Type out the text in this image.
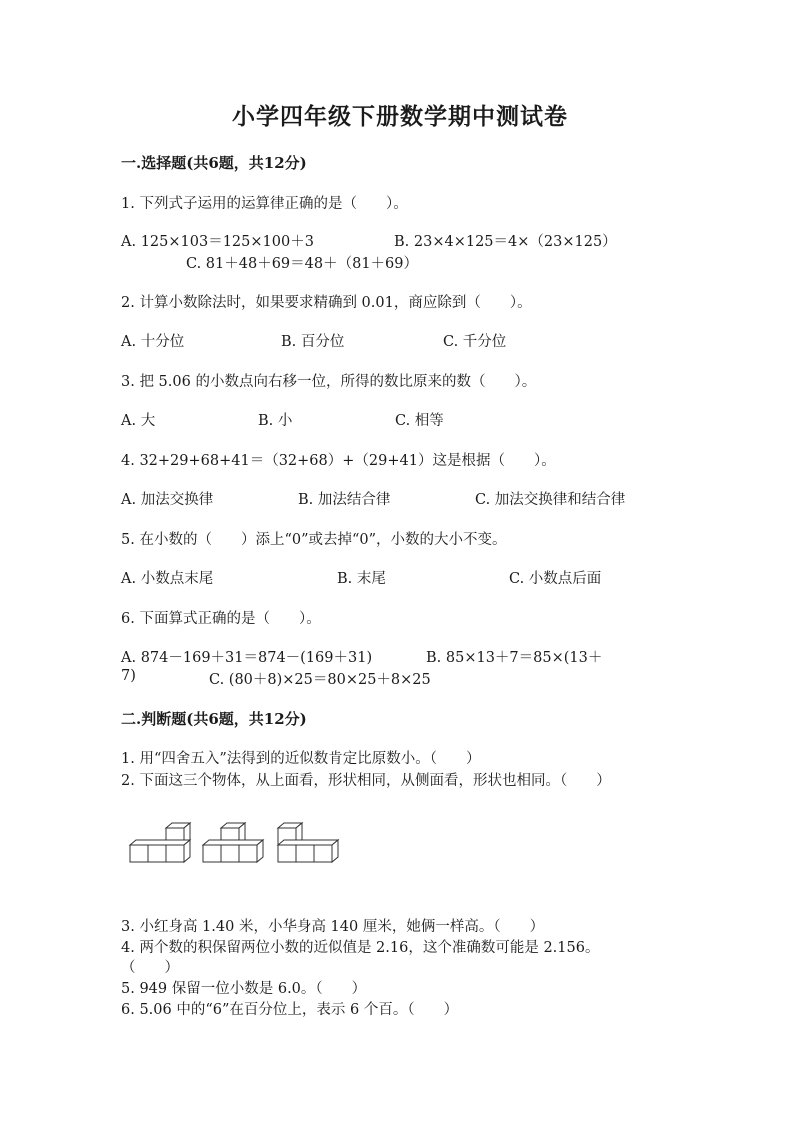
小学四年级下册数学期中测试卷
一.选择题(共6题，共12分)
1. 下列式子运用的运算律正确的是（　　）。
A. 125×103＝125×100＋3	B. 23×4×125＝4×（23×125）
C. 81＋48＋69＝48＋（81＋69）
2. 计算小数除法时，如果要求精确到 0.01，商应除到（　　）。
A. 十分位	B. 百分位	C. 千分位
3. 把 5.06 的小数点向右移一位，所得的数比原来的数（　　）。
A. 大	B. 小	C. 相等
4. 32+29+68+41＝（32+68）+（29+41）这是根据（　　）。
A. 加法交换律	B. 加法结合律	C. 加法交换律和结合律
5. 在小数的（　　）添上“0”或去掉“0”，小数的大小不变。
A. 小数点末尾	B. 末尾	C. 小数点后面
6. 下面算式正确的是（　　）。
A. 874－169＋31＝874－(169＋31)	B. 85×13＋7＝85×(13＋
7)	C. (80＋8)×25＝80×25＋8×25
二.判断题(共6题，共12分)
1. 用“四舍五入”法得到的近似数肯定比原数小。（　　）
2. 下面这三个物体，从上面看，形状相同，从侧面看，形状也相同。（　　）
3. 小红身高 1.40 米，小华身高 140 厘米，她俩一样高。（　　）
4. 两个数的积保留两位小数的近似值是 2.16，这个准确数可能是 2.156。
（　　）
5. 949 保留一位小数是 6.0。（　　）
6. 5.06 中的“6”在百分位上，表示 6 个百。（　　）
